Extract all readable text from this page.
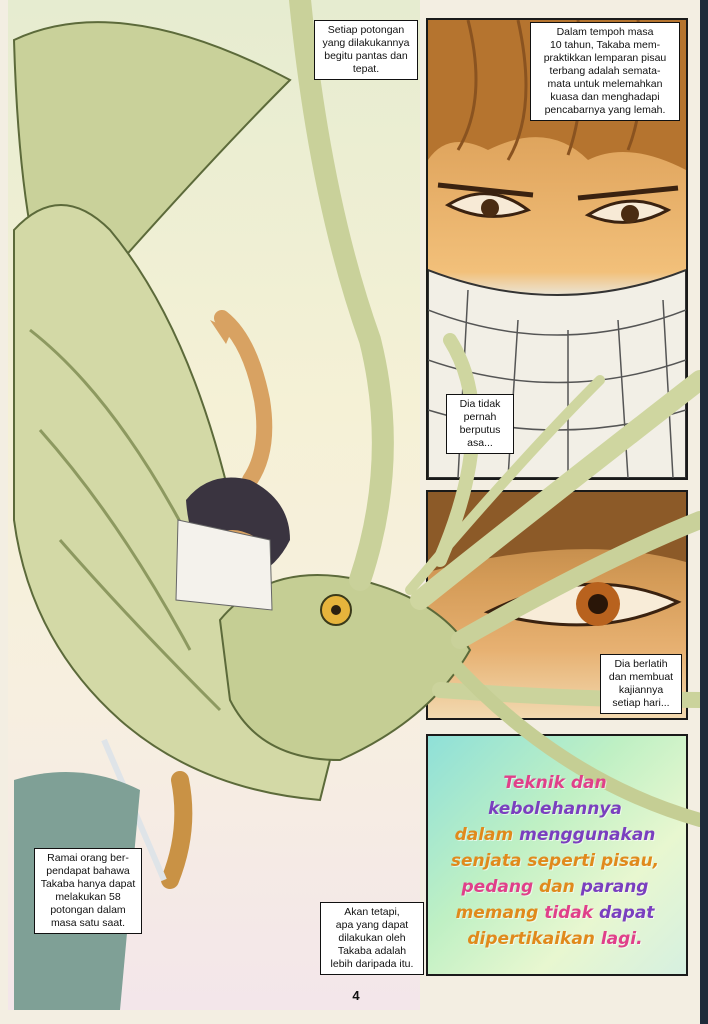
Setiap potongan
yang dilakukannya
begitu pantas dan
tepat.
Dalam tempoh masa
10 tahun, Takaba mem-
praktikkan lemparan pisau
terbang adalah semata-
mata untuk melemahkan
kuasa dan menghadapi
pencabarnya yang lemah.
Dia tidak
pernah
berputus
asa...
Dia berlatih
dan membuat
kajiannya
setiap hari...
Ramai orang ber-
pendapat bahawa
Takaba hanya dapat
melakukan 58
potongan dalam
masa satu saat.
Akan tetapi,
apa yang dapat
dilakukan oleh
Takaba adalah
lebih daripada itu.
Teknik dan
kebolehannya
dalam menggunakan
senjata seperti pisau,
pedang dan parang
memang tidak dapat
dipertikaikan lagi.
4
